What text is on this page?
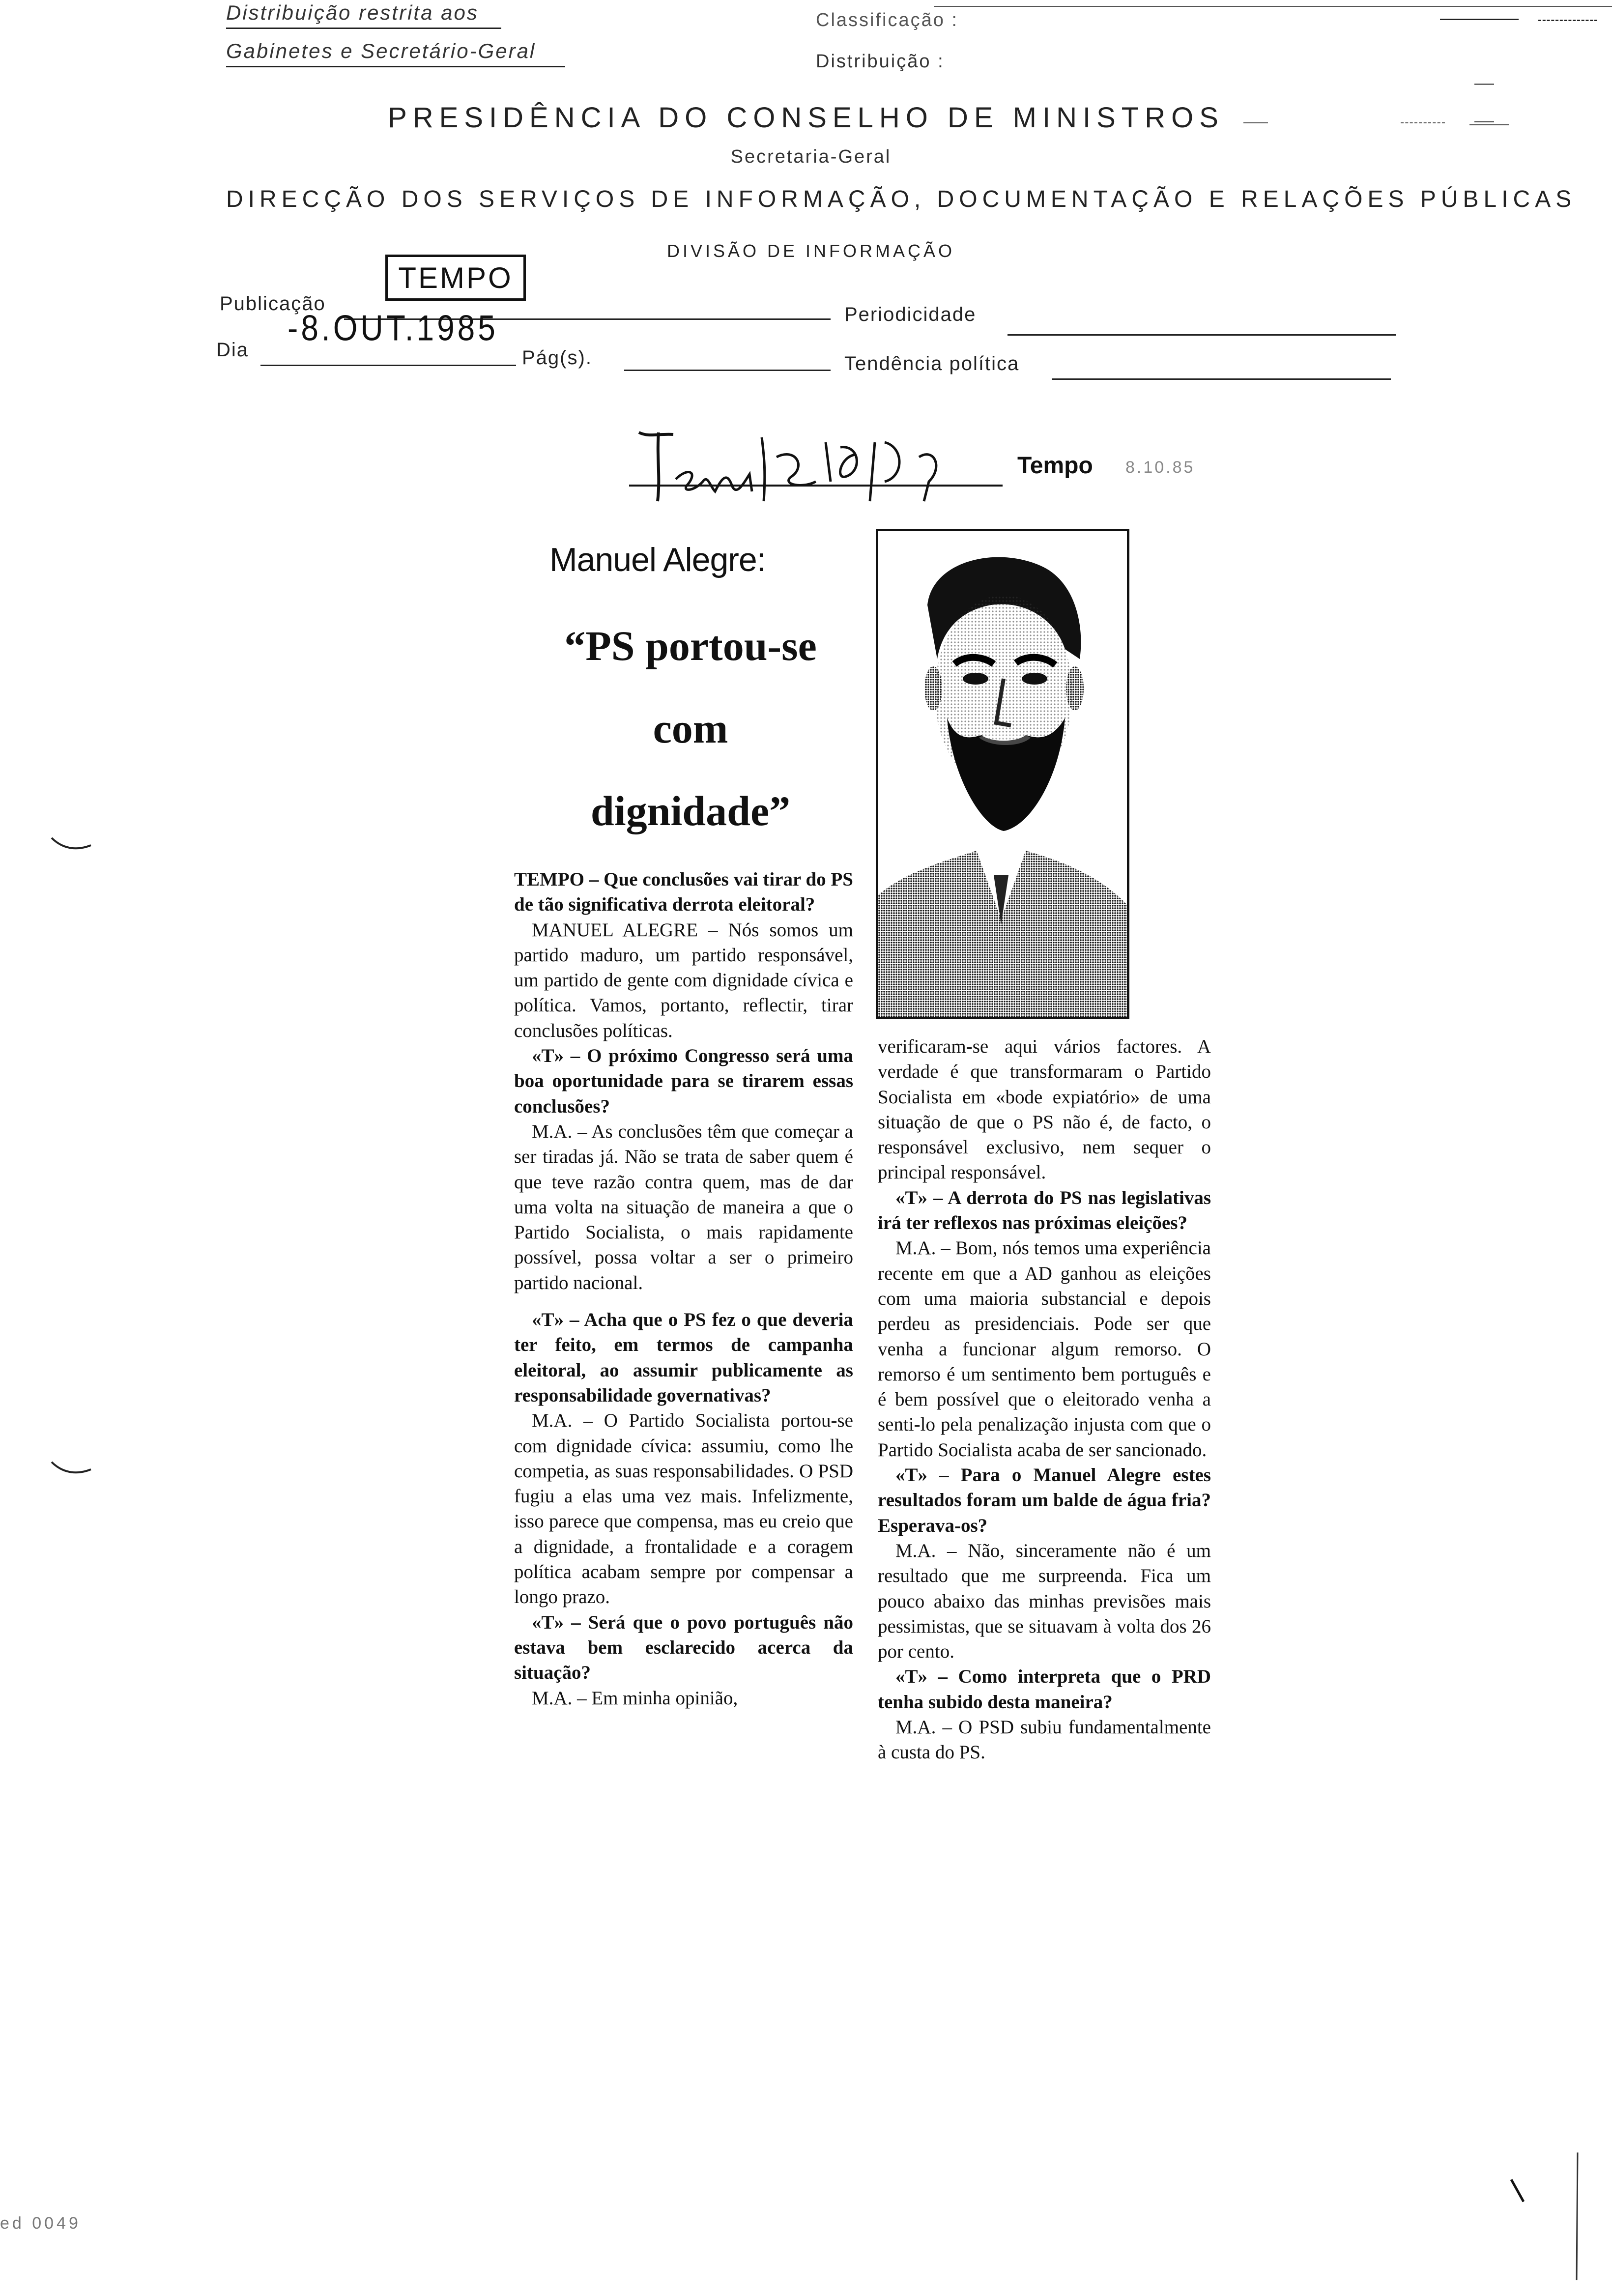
Distribuição restrita aos
Gabinetes e Secretário-Geral
Classificação :
Distribuição :
PRESIDÊNCIA DO CONSELHO DE MINISTROS
Secretaria-Geral
DIRECÇÃO DOS SERVIÇOS DE INFORMAÇÃO, DOCUMENTAÇÃO E RELAÇÕES PÚBLICAS
DIVISÃO DE INFORMAÇÃO
TEMPO
Publicação	Periodicidade
-8.OUT.1985
Dia	Pág(s).	Tendência política
Tempo 8.10.85
Manuel Alegre:
“PS portou-se
com
dignidade”

TEMPO – Que conclusões vai tirar do PS de tão significativa derrota eleitoral?

MANUEL ALEGRE – Nós somos um partido maduro, um partido responsável, um partido de gente com dignidade cívica e política. Vamos, portanto, reflectir, tirar conclusões políticas.

«T» – O próximo Congresso será uma boa oportunidade para se tirarem essas conclusões?

M.A. – As conclusões têm que começar a ser tiradas já. Não se trata de saber quem é que teve razão contra quem, mas de dar uma volta na situação de maneira a que o Partido Socialista, o mais rapidamente possível, possa voltar a ser o primeiro partido nacional.

«T» – Acha que o PS fez o que deveria ter feito, em termos de campanha eleitoral, ao assumir publicamente as responsabilidade governativas?

M.A. – O Partido Socialista portou-se com dignidade cívica: assumiu, como lhe competia, as suas responsabilidades. O PSD fugiu a elas uma vez mais. Infelizmente, isso parece que compensa, mas eu creio que a dignidade, a frontalidade e a coragem política acabam sempre por compensar a longo prazo.

«T» – Será que o povo português não estava bem esclarecido acerca da situação?

M.A. – Em minha opinião,

verificaram-se aqui vários factores. A verdade é que transformaram o Partido Socialista em «bode expiatório» de uma situação de que o PS não é, de facto, o responsável exclusivo, nem sequer o principal responsável.

«T» – A derrota do PS nas legislativas irá ter reflexos nas próximas eleições?

M.A. – Bom, nós temos uma experiência recente em que a AD ganhou as eleições com uma maioria substancial e depois perdeu as presidenciais. Pode ser que venha a funcionar algum remorso. O remorso é um sentimento bem português e é bem possível que o eleitorado venha a senti-lo pela penalização injusta com que o Partido Socialista acaba de ser sancionado.

«T» – Para o Manuel Alegre estes resultados foram um balde de água fria? Esperava-os?

M.A. – Não, sinceramente não é um resultado que me surpreenda. Fica um pouco abaixo das minhas previsões mais pessimistas, que se situavam à volta dos 26 por cento.

«T» – Como interpreta que o PRD tenha subido desta maneira?

M.A. – O PSD subiu fundamentalmente à custa do PS.

ed 0049
